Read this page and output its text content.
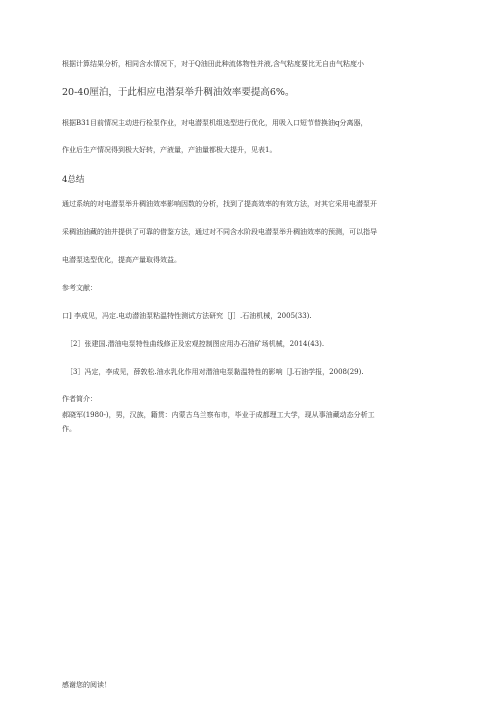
根据计算结果分析，相同含水情况下，对于Q油田此种流体物性并液,含气粘度要比无自由气粘度小
20-40厘泊，于此相应电潜泵举升稠油效率要提高6%。
根据B31目前情况主动进行检泵作业，对电潜泵机组选型进行优化，用吸入口短节替换油q分离器，
作业后生产情况得到极大好转，产液量，产油量都极大提升，见表1。
4总结
通过系统的对电潜泵举升稠油效率影响因数的分析，找到了提高效率的有效方法，对其它采用电潜泵开
采稠油油藏的油井提供了可靠的借鉴方法，通过对不同含水阶段电潜泵举升稠油效率的预测，可以指导
电潜泵选型优化，提高产量取得效益。
参考文献：
口] 李成见，冯定.电动潜油泵粘温特性测试方法研究［J］.石油机械，2005(33).
［2］张建国.潜油电泵特性曲线修正及宏观控制图应用办石油矿场机械，2014(43).
［3］冯定，李成见，薛敦松.油水乳化作用对潜油电泵黏温特性的影响［J.石油学报，2008(29).
作者简介：
郝晓军(1980-)，男，汉族，籍贯：内蒙古乌兰察布市，毕业于成都理工大学，现从事油藏动态分析工
作。
感谢您的阅读！
